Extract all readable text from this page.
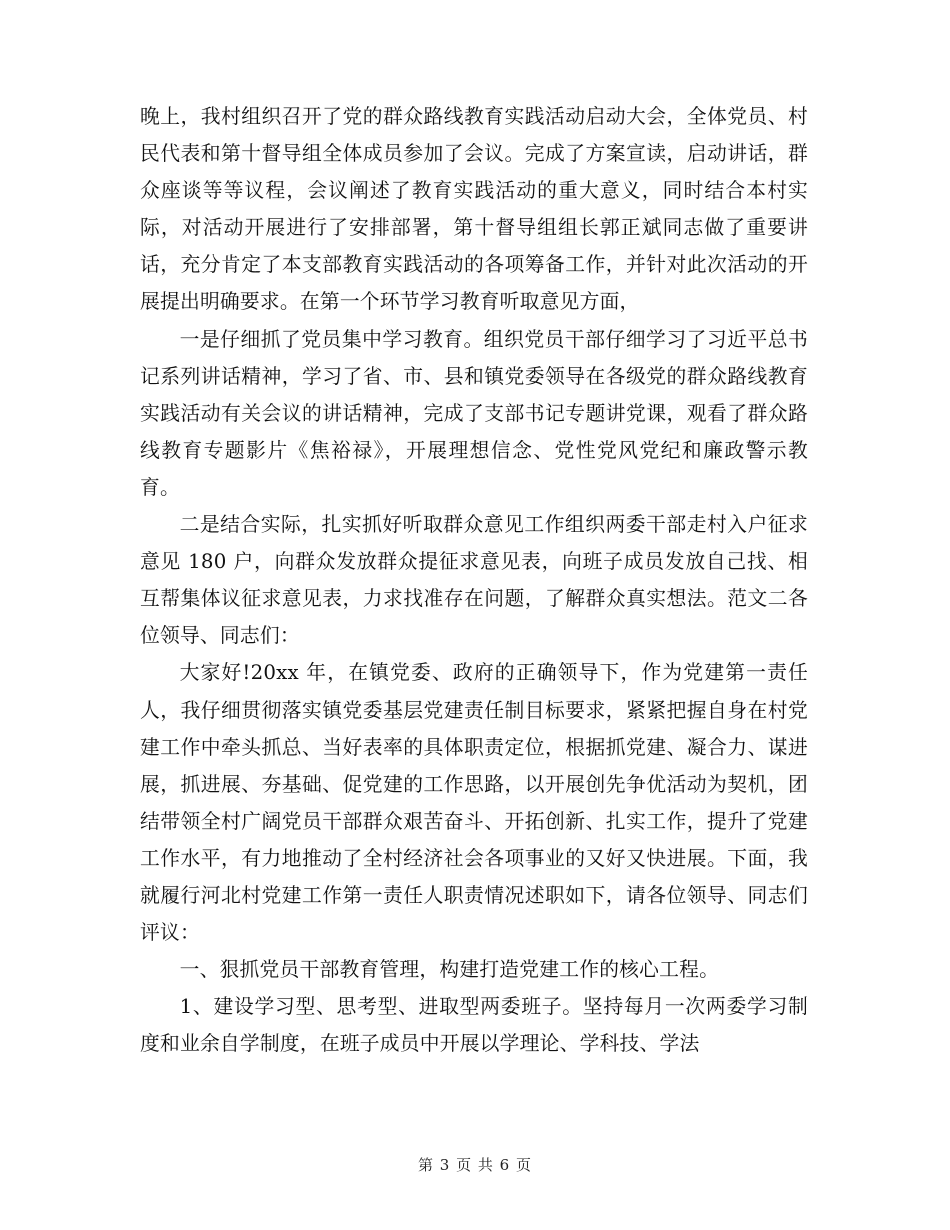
晚上，我村组织召开了党的群众路线教育实践活动启动大会，全体党员、村民代表和第十督导组全体成员参加了会议。完成了方案宣读，启动讲话，群众座谈等等议程，会议阐述了教育实践活动的重大意义，同时结合本村实际，对活动开展进行了安排部署，第十督导组组长郭正斌同志做了重要讲话，充分肯定了本支部教育实践活动的各项筹备工作，并针对此次活动的开展提出明确要求。在第一个环节学习教育听取意见方面，

一是仔细抓了党员集中学习教育。组织党员干部仔细学习了习近平总书记系列讲话精神，学习了省、市、县和镇党委领导在各级党的群众路线教育实践活动有关会议的讲话精神，完成了支部书记专题讲党课，观看了群众路线教育专题影片《焦裕禄》，开展理想信念、党性党风党纪和廉政警示教育。

二是结合实际，扎实抓好听取群众意见工作组织两委干部走村入户征求意见 180 户，向群众发放群众提征求意见表，向班子成员发放自己找、相互帮集体议征求意见表，力求找准存在问题，了解群众真实想法。范文二各位领导、同志们：

大家好!20xx 年，在镇党委、政府的正确领导下，作为党建第一责任人，我仔细贯彻落实镇党委基层党建责任制目标要求，紧紧把握自身在村党建工作中牵头抓总、当好表率的具体职责定位，根据抓党建、凝合力、谋进展，抓进展、夯基础、促党建的工作思路，以开展创先争优活动为契机，团结带领全村广阔党员干部群众艰苦奋斗、开拓创新、扎实工作，提升了党建工作水平，有力地推动了全村经济社会各项事业的又好又快进展。下面，我就履行河北村党建工作第一责任人职责情况述职如下，请各位领导、同志们评议：

一、狠抓党员干部教育管理，构建打造党建工作的核心工程。

1、建设学习型、思考型、进取型两委班子。坚持每月一次两委学习制度和业余自学制度，在班子成员中开展以学理论、学科技、学法

第 3 页 共 6 页
